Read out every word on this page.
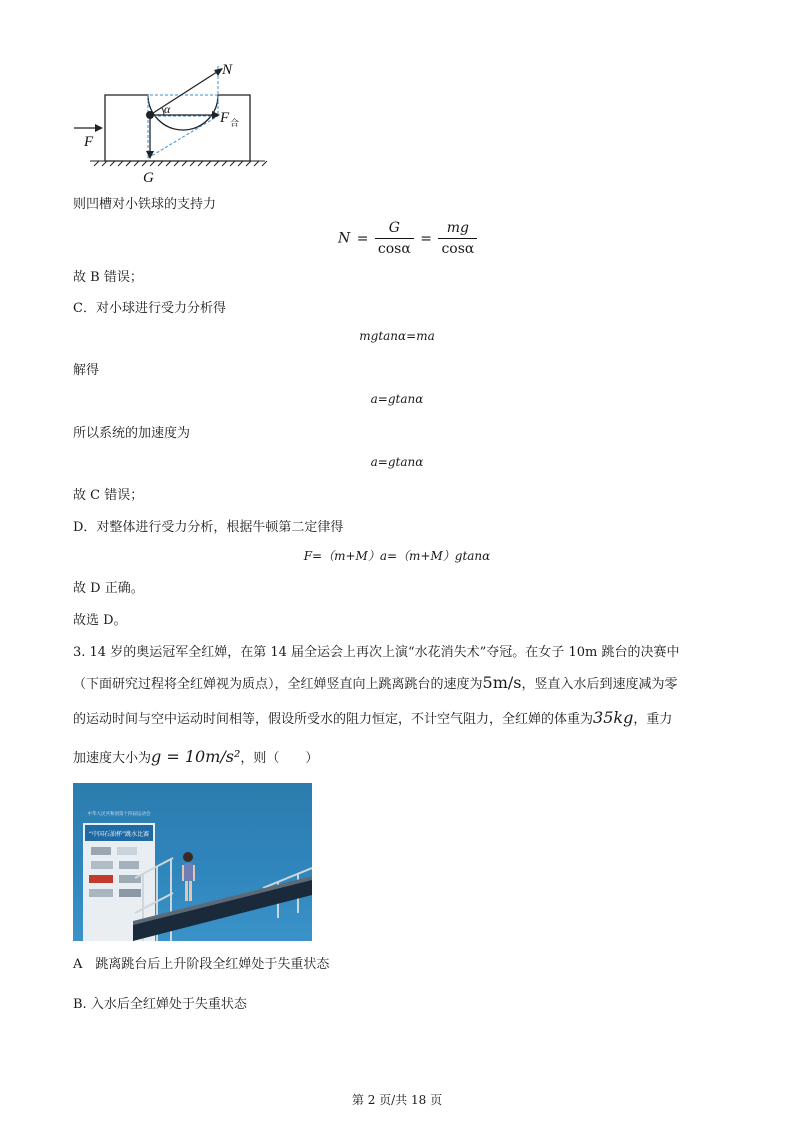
N
F 合
α
F
G
则凹槽对小铁球的支持力
$N = \frac{G}{\cos\alpha} = \frac{mg}{\cos\alpha}$
故 B 错误；
C．对小球进行受力分析得
mgtanα=ma
解得
a=gtanα
所以系统的加速度为
a=gtanα
故 C 错误；
D．对整体进行受力分析，根据牛顿第二定律得
F=（m+M）a=（m+M）gtanα
故 D 正确。
故选 D。
3. 14 岁的奥运冠军全红婵，在第 14 届全运会上再次上演“水花消失术”夺冠。在女子 10m 跳台的决赛中
（下面研究过程将全红婵视为质点），全红婵竖直向上跳离跳台的速度为5m/s，竖直入水后到速度减为零
的运动时间与空中运动时间相等，假设所受水的阻力恒定，不计空气阻力，全红婵的体重为35kg，重力
加速度大小为g = 10m/s²，则（　　）
中华人民共和国第十四届运动会
“中国石油杯”跳水比赛
A　跳离跳台后上升阶段全红婵处于失重状态
B. 入水后全红婵处于失重状态
第 2 页/共 18 页
